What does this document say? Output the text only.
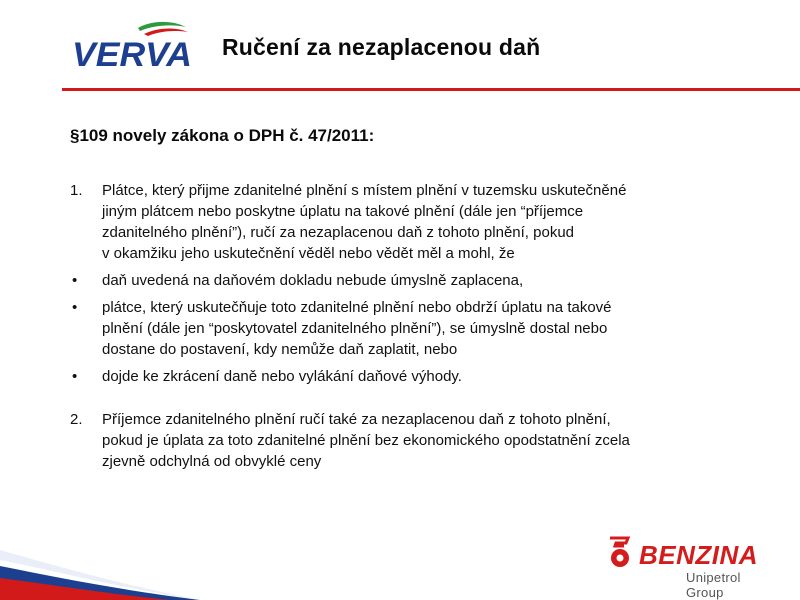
VERVA Ručení za nezaplacenou daň
§109 novely zákona o DPH č. 47/2011:
1. Plátce, který přijme zdanitelné plnění s místem plnění v tuzemsku uskutečněné
jiným plátcem nebo poskytne úplatu na takové plnění (dále jen “příjemce
zdanitelného plnění”), ručí za nezaplacenou daň z tohoto plnění, pokud
v okamžiku jeho uskutečnění věděl nebo vědět měl a mohl, že
• daň uvedená na daňovém dokladu nebude úmyslně zaplacena,
• plátce, který uskutečňuje toto zdanitelné plnění nebo obdrží úplatu na takové
plnění (dále jen “poskytovatel zdanitelného plnění”), se úmyslně dostal nebo
dostane do postavení, kdy nemůže daň zaplatit, nebo
• dojde ke zkrácení daně nebo vylákání daňové výhody.
2. Příjemce zdanitelného plnění ručí také za nezaplacenou daň z tohoto plnění,
pokud je úplata za toto zdanitelné plnění bez ekonomického opodstatnění zcela
zjevně odchylná od obvyklé ceny
BENZINA
Unipetrol Group
